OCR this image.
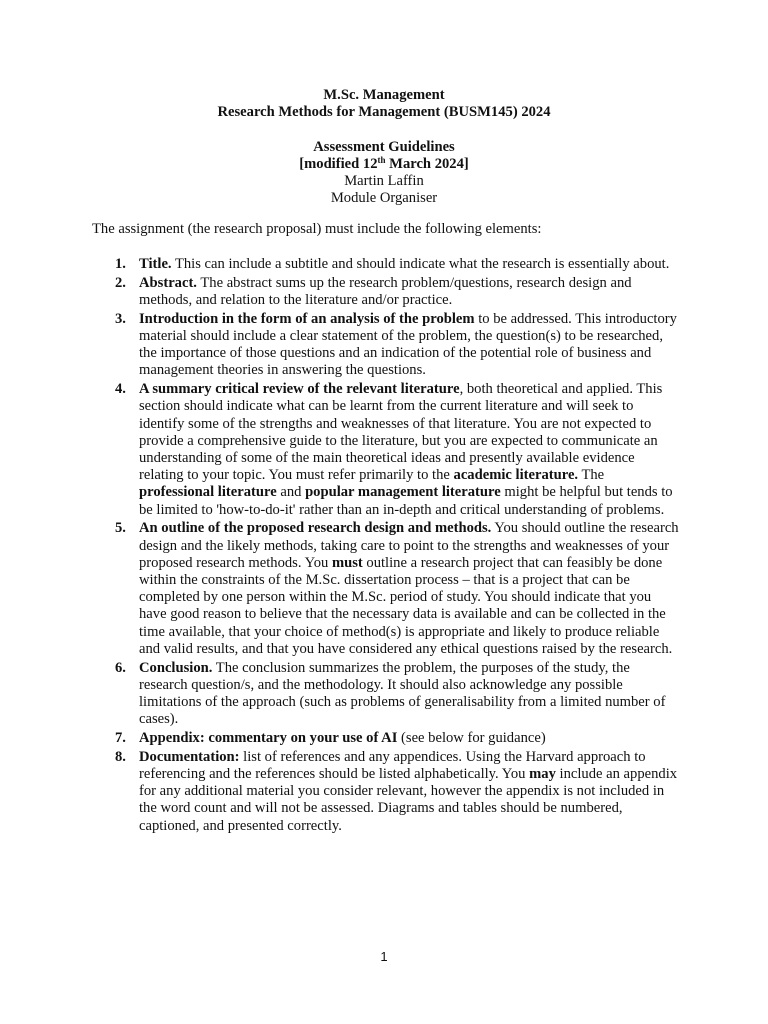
M.Sc. Management
Research Methods for Management (BUSM145) 2024
Assessment Guidelines
[modified 12th March 2024]
Martin Laffin
Module Organiser
The assignment (the research proposal) must include the following elements:
1. Title. This can include a subtitle and should indicate what the research is essentially about.
2. Abstract. The abstract sums up the research problem/questions, research design and methods, and relation to the literature and/or practice.
3. Introduction in the form of an analysis of the problem to be addressed. This introductory material should include a clear statement of the problem, the question(s) to be researched, the importance of those questions and an indication of the potential role of business and management theories in answering the questions.
4. A summary critical review of the relevant literature, both theoretical and applied. This section should indicate what can be learnt from the current literature and will seek to identify some of the strengths and weaknesses of that literature. You are not expected to provide a comprehensive guide to the literature, but you are expected to communicate an understanding of some of the main theoretical ideas and presently available evidence relating to your topic. You must refer primarily to the academic literature. The professional literature and popular management literature might be helpful but tends to be limited to 'how-to-do-it' rather than an in-depth and critical understanding of problems.
5. An outline of the proposed research design and methods. You should outline the research design and the likely methods, taking care to point to the strengths and weaknesses of your proposed research methods. You must outline a research project that can feasibly be done within the constraints of the M.Sc. dissertation process – that is a project that can be completed by one person within the M.Sc. period of study. You should indicate that you have good reason to believe that the necessary data is available and can be collected in the time available, that your choice of method(s) is appropriate and likely to produce reliable and valid results, and that you have considered any ethical questions raised by the research.
6. Conclusion. The conclusion summarizes the problem, the purposes of the study, the research question/s, and the methodology. It should also acknowledge any possible limitations of the approach (such as problems of generalisability from a limited number of cases).
7. Appendix: commentary on your use of AI (see below for guidance)
8. Documentation: list of references and any appendices. Using the Harvard approach to referencing and the references should be listed alphabetically. You may include an appendix for any additional material you consider relevant, however the appendix is not included in the word count and will not be assessed. Diagrams and tables should be numbered, captioned, and presented correctly.
1
